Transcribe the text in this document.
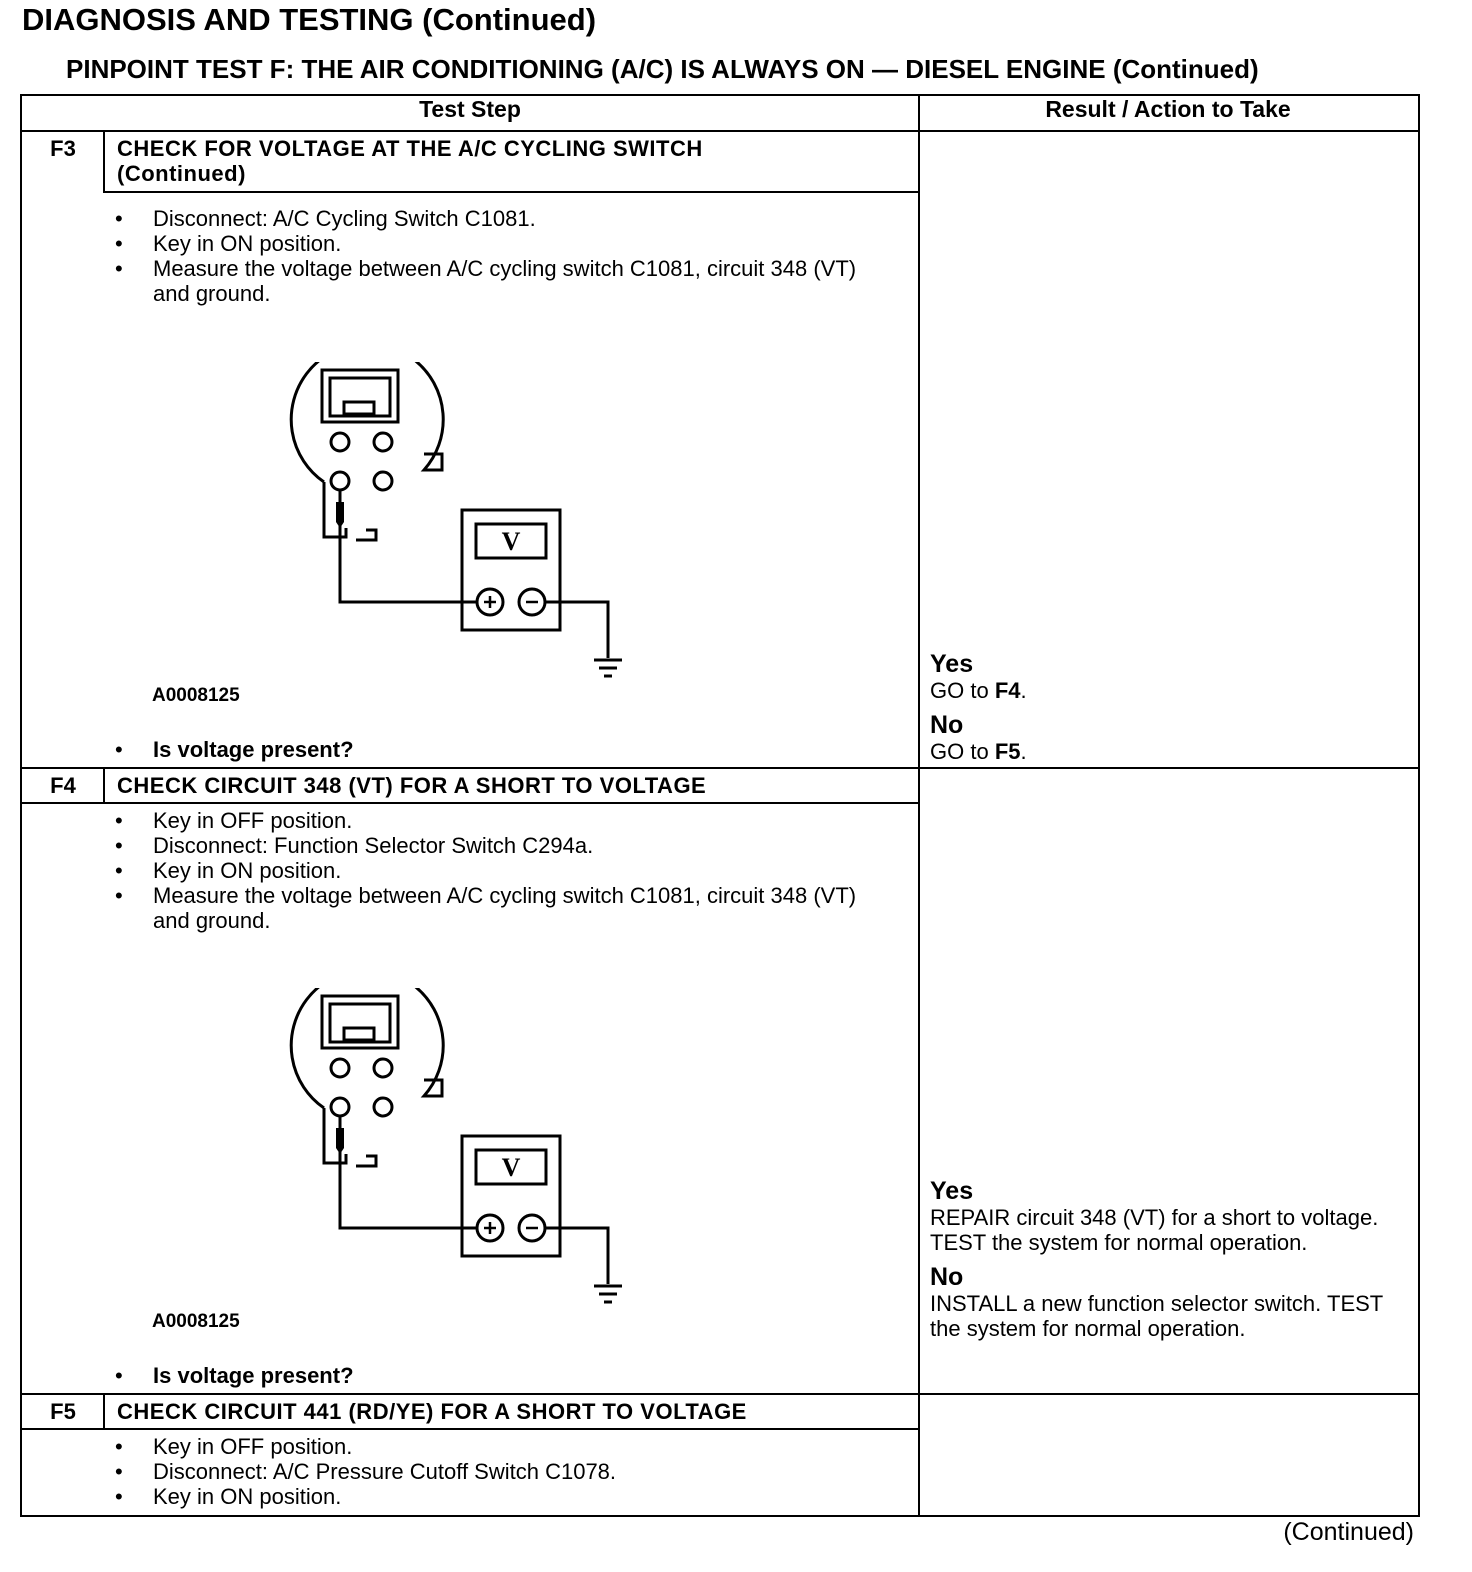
DIAGNOSIS AND TESTING (Continued)
PINPOINT TEST F: THE AIR CONDITIONING (A/C) IS ALWAYS ON — DIESEL ENGINE (Continued)
Test Step	Result / Action to Take
F3	CHECK FOR VOLTAGE AT THE A/C CYCLING SWITCH (Continued)
• Disconnect: A/C Cycling Switch C1081.
• Key in ON position.
• Measure the voltage between A/C cycling switch C1081, circuit 348 (VT) and ground.
V
A0008125
• Is voltage present?
Yes
GO to F4.
No
GO to F5.
F4	CHECK CIRCUIT 348 (VT) FOR A SHORT TO VOLTAGE
• Key in OFF position.
• Disconnect: Function Selector Switch C294a.
• Key in ON position.
• Measure the voltage between A/C cycling switch C1081, circuit 348 (VT) and ground.
V
A0008125
• Is voltage present?
Yes
REPAIR circuit 348 (VT) for a short to voltage. TEST the system for normal operation.
No
INSTALL a new function selector switch. TEST the system for normal operation.
F5	CHECK CIRCUIT 441 (RD/YE) FOR A SHORT TO VOLTAGE
• Key in OFF position.
• Disconnect: A/C Pressure Cutoff Switch C1078.
• Key in ON position.
(Continued)
